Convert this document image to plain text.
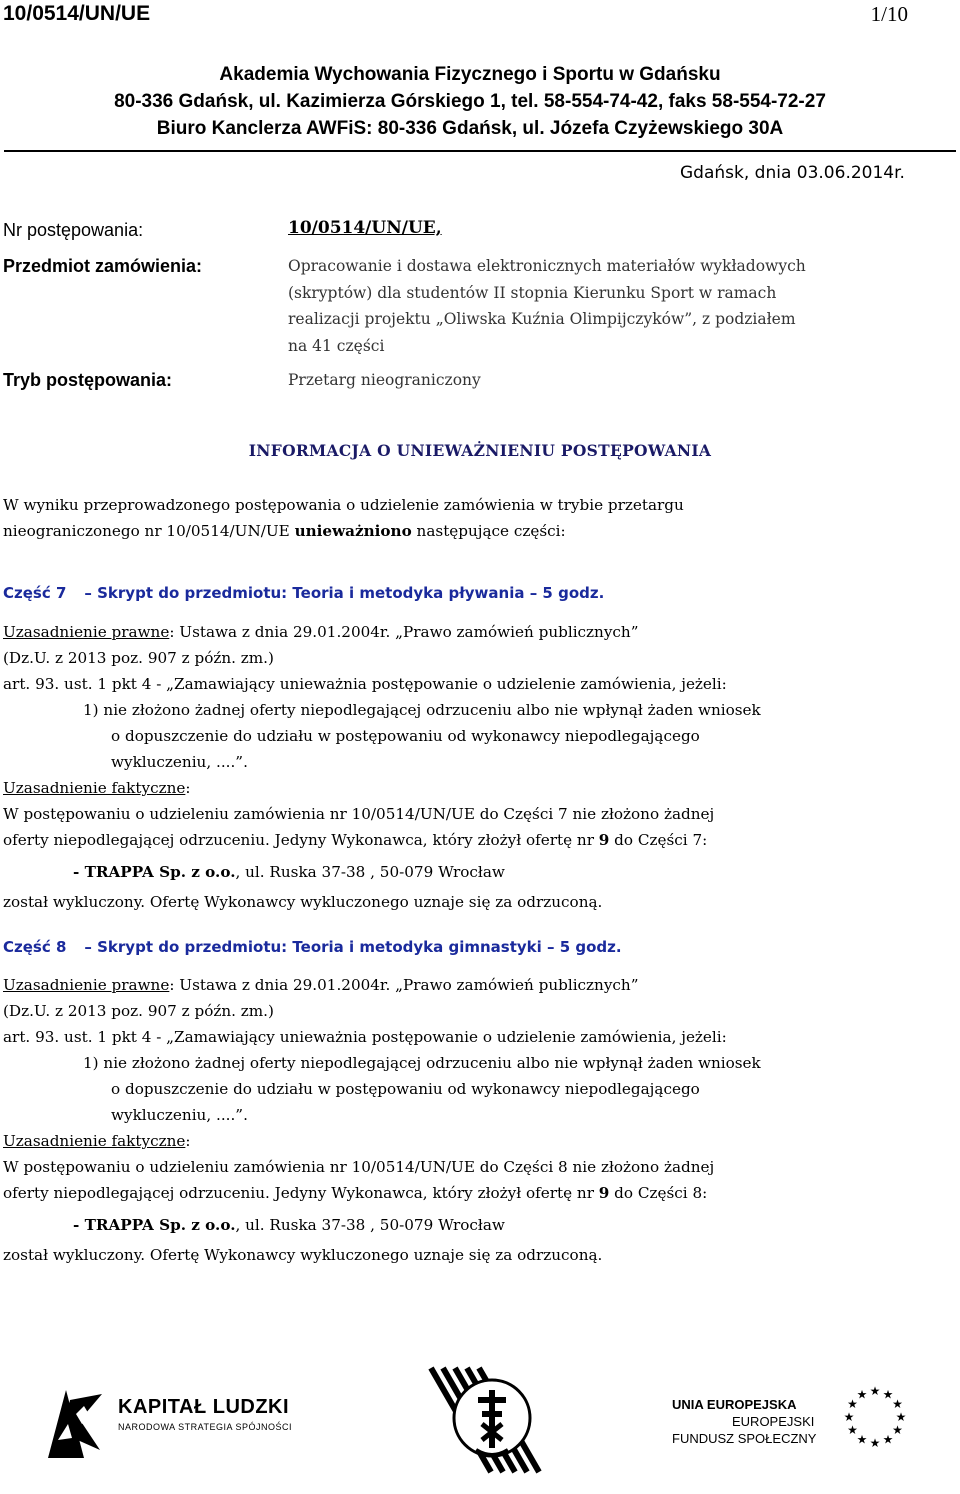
10/0514/UN/UE	1/10
Akademia Wychowania Fizycznego i Sportu w Gdańsku
80-336 Gdańsk, ul. Kazimierza Górskiego 1, tel. 58-554-74-42, faks 58-554-72-27
Biuro Kanclerza AWFiS: 80-336 Gdańsk, ul. Józefa Czyżewskiego 30A
Gdańsk, dnia 03.06.2014r.
Nr postępowania:	10/0514/UN/UE,
Przedmiot zamówienia:	Opracowanie i dostawa elektronicznych materiałów wykładowych
(skryptów) dla studentów II stopnia Kierunku Sport w ramach
realizacji projektu „Oliwska Kuźnia Olimpijczyków”, z podziałem
na 41 części
Tryb postępowania:	Przetarg nieograniczony
INFORMACJA O UNIEWAŻNIENIU POSTĘPOWANIA
W wyniku przeprowadzonego postępowania o udzielenie zamówienia w trybie przetargu
nieograniczonego nr 10/0514/UN/UE unieważniono następujące części:
Część 7 – Skrypt do przedmiotu: Teoria i metodyka pływania – 5 godz.
Uzasadnienie prawne: Ustawa z dnia 29.01.2004r. „Prawo zamówień publicznych”
(Dz.U. z 2013 poz. 907 z późn. zm.)
art. 93. ust. 1 pkt 4 - „Zamawiający unieważnia postępowanie o udzielenie zamówienia, jeżeli:
1) nie złożono żadnej oferty niepodlegającej odrzuceniu albo nie wpłynął żaden wniosek
o dopuszczenie do udziału w postępowaniu od wykonawcy niepodlegającego
wykluczeniu, ....”.
Uzasadnienie faktyczne:
W postępowaniu o udzieleniu zamówienia nr 10/0514/UN/UE do Części 7 nie złożono żadnej
oferty niepodlegającej odrzuceniu. Jedyny Wykonawca, który złożył ofertę nr 9 do Części 7:
- TRAPPA Sp. z o.o., ul. Ruska 37-38 , 50-079 Wrocław
został wykluczony. Ofertę Wykonawcy wykluczonego uznaje się za odrzuconą.
Część 8 – Skrypt do przedmiotu: Teoria i metodyka gimnastyki – 5 godz.
Uzasadnienie prawne: Ustawa z dnia 29.01.2004r. „Prawo zamówień publicznych”
(Dz.U. z 2013 poz. 907 z późn. zm.)
art. 93. ust. 1 pkt 4 - „Zamawiający unieważnia postępowanie o udzielenie zamówienia, jeżeli:
1) nie złożono żadnej oferty niepodlegającej odrzuceniu albo nie wpłynął żaden wniosek
o dopuszczenie do udziału w postępowaniu od wykonawcy niepodlegającego
wykluczeniu, ....”.
Uzasadnienie faktyczne:
W postępowaniu o udzieleniu zamówienia nr 10/0514/UN/UE do Części 8 nie złożono żadnej
oferty niepodlegającej odrzuceniu. Jedyny Wykonawca, który złożył ofertę nr 9 do Części 8:
- TRAPPA Sp. z o.o., ul. Ruska 37-38 , 50-079 Wrocław
został wykluczony. Ofertę Wykonawcy wykluczonego uznaje się za odrzuconą.
KAPITAŁ LUDZKI
NARODOWA STRATEGIA SPÓJNOŚCI
UNIA EUROPEJSKA
EUROPEJSKI
FUNDUSZ SPOŁECZNY
★ ★
★
★
★
★
★
★
★
★
★
★
